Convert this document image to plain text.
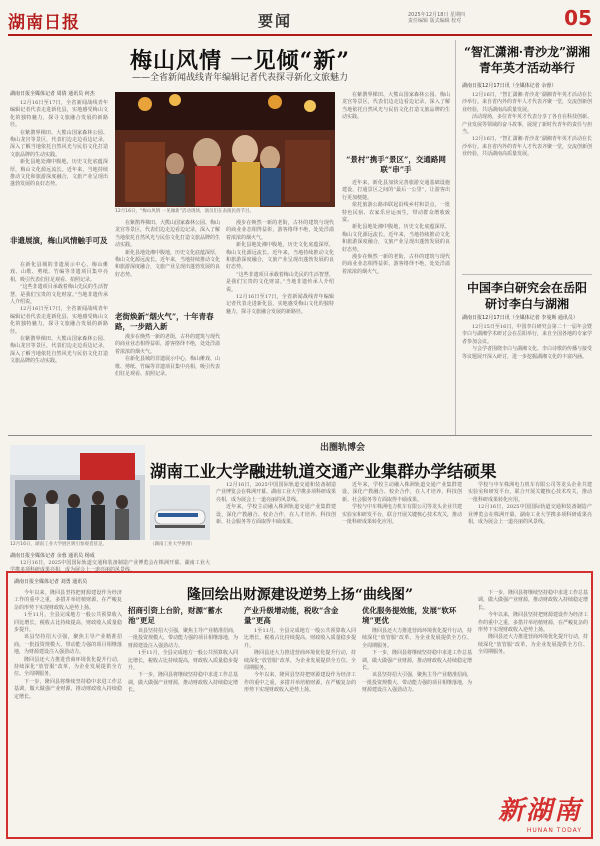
湖南日报	要闻	2025年12月18日 星期四
责任编辑 版式编辑 校对	05
梅山风情 一见倾“新”
——全省新闻战线青年编辑记者代表探寻新化文旅魅力
湖南日报全媒体记者 周倩 通讯员 何杰

12月16日至17日，全省新闻战线青年编辑记者代表走进新化县，实地感受梅山文化的独特魅力，探寻文旅融合发展的新路径。

在紫鹊界梯田、大熊山国家森林公园、梅山龙宫等景区，代表们边走边看边记录，深入了解当地依托自然风光与民俗文化打造文旅品牌的生动实践。

新化县地处湘中腹地，历史文化底蕴深厚，梅山文化源远流长。近年来，当地持续推动文化和旅游深度融合，文旅产业呈现出蓬勃发展的良好态势。

非遗展演，梅山风情触手可及

在新化县城的非遗展示中心，梅山傩戏、山歌、剪纸、竹编等非遗项目集中亮相，吸引代表们驻足观看、拍照记录。

“这些非遗项目承载着梅山先民的生活智慧，是我们宝贵的文化财富。”当地非遗传承人介绍说。

12月16日至17日，全省新闻战线青年编辑记者代表走进新化县，实地感受梅山文化的独特魅力，探寻文旅融合发展的新路径。

在紫鹊界梯田、大熊山国家森林公园、梅山龙宫等景区，代表们边走边看边记录，深入了解当地依托自然风光与民俗文化打造文旅品牌的生动实践。

12月16日，“梅山风情 一见倾新”活动现场，演员们在表演民俗节目。

在紫鹊界梯田、大熊山国家森林公园、梅山龙宫等景区，代表们边走边看边记录，深入了解当地依托自然风光与民俗文化打造文旅品牌的生动实践。

新化县地处湘中腹地，历史文化底蕴深厚，梅山文化源远流长。近年来，当地持续推动文化和旅游深度融合，文旅产业呈现出蓬勃发展的良好态势。

老街焕新“烟火气”，十年青春路，一步踏入新

漫步在焕然一新的老街，古朴的建筑与现代的商业业态相得益彰，游客络绎不绝，处处洋溢着浓浓的烟火气。

在新化县城的非遗展示中心，梅山傩戏、山歌、剪纸、竹编等非遗项目集中亮相，吸引代表们驻足观看、拍照记录。

漫步在焕然一新的老街，古朴的建筑与现代的商业业态相得益彰，游客络绎不绝，处处洋溢着浓浓的烟火气。

新化县地处湘中腹地，历史文化底蕴深厚，梅山文化源远流长。近年来，当地持续推动文化和旅游深度融合，文旅产业呈现出蓬勃发展的良好态势。

“这些非遗项目承载着梅山先民的生活智慧，是我们宝贵的文化财富。”当地非遗传承人介绍说。

12月16日至17日，全省新闻战线青年编辑记者代表走进新化县，实地感受梅山文化的独特魅力，探寻文旅融合发展的新路径。

在紫鹊界梯田、大熊山国家森林公园、梅山龙宫等景区，代表们边走边看边记录，深入了解当地依托自然风光与民俗文化打造文旅品牌的生动实践。

“景村”携手“景区”，交通路网联“串”手

近年来，新化县加快完善旅游交通基础设施建设，打通景区之间的“最后一公里”，让游客出行更加便捷。

依托旅游公路串联起沿线乡村和景点，一批特色民宿、农家乐应运而生，带动群众增收致富。

新化县地处湘中腹地，历史文化底蕴深厚，梅山文化源远流长。近年来，当地持续推动文化和旅游深度融合，文旅产业呈现出蓬勃发展的良好态势。

漫步在焕然一新的老街，古朴的建筑与现代的商业业态相得益彰，游客络绎不绝，处处洋溢着浓浓的烟火气。

“智汇潇湘·青沙龙”湖湘青年英才活动举行
湖南日报12月17日讯（全媒体记者 余蓉）

12月16日，“智汇潇湘·青沙龙”湖湘青年英才活动在长沙举行。来自省内外的青年人才代表齐聚一堂，交流创新创业经验，共话湖南高质量发展。

活动现场，多位青年英才代表分享了各自在科技创新、产业发展等领域的奋斗故事，展现了新时代青年的责任与担当。

12月16日，“智汇潇湘·青沙龙”湖湘青年英才活动在长沙举行。来自省内外的青年人才代表齐聚一堂，交流创新创业经验，共话湖南高质量发展。

中国李白研究会在岳阳研讨李白与湖湘
湖南日报12月17日讯（全媒体记者 李曼斯 通讯员）

12月15日至16日，中国李白研究会第二十一届年会暨李白与湖湘学术研讨会在岳阳举行，来自全国各地的专家学者参加会议。

与会学者围绕李白与湖湘文化、李白诗歌的传播与接受等议题展开深入研讨，进一步挖掘湖湘文化的丰富内涵。

出圈轨博会
湖南工业大学融进轨道交通产业集群办学结硕果
12月16日，湖南工业大学展区吸引参观者驻足。	（湖南工业大学供图）
湖南日报全媒体记者 余蓉 通讯员 杨成

12月16日，2025中国国际轨道交通和装备制造产业博览会在株洲开幕。湖南工业大学携多项科研成果亮相，成为展会上一道亮丽的风景线。

12月16日，2025中国国际轨道交通和装备制造产业博览会在株洲开幕。湖南工业大学携多项科研成果亮相，成为展会上一道亮丽的风景线。

近年来，学校主动融入株洲轨道交通产业集群建设，深化产教融合、校企合作，在人才培养、科技创新、社会服务等方面取得丰硕成果。

近年来，学校主动融入株洲轨道交通产业集群建设，深化产教融合、校企合作，在人才培养、科技创新、社会服务等方面取得丰硕成果。

学校与中车株洲电力机车有限公司等龙头企业共建实验室和研发平台，联合开展关键核心技术攻关，推动一批科研成果转化应用。

学校与中车株洲电力机车有限公司等龙头企业共建实验室和研发平台，联合开展关键核心技术攻关，推动一批科研成果转化应用。

12月16日，2025中国国际轨道交通和装备制造产业博览会在株洲开幕。湖南工业大学携多项科研成果亮相，成为展会上一道亮丽的风景线。

湖南日报全媒体记者 刘勇 通讯员
隆回绘出财源建设逆势上扬“曲线图”

今年以来，隆回县坚持把财源建设作为经济工作的重中之重，多措并举培植财源，在严峻复杂的形势下实现财政收入逆势上扬。

1至11月，全县完成地方一般公共预算收入同比增长，税收占比持续提高，财政收入质量稳步提升。

该县坚持招大引强，聚焦主导产业精准招商，一批投资规模大、带动能力强的项目相继落地，为财源建设注入强劲动力。

隆回县还大力推进营商环境优化提升行动，持续深化“放管服”改革，为企业发展提供全方位、全周期服务。

下一步，隆回县将继续坚持稳中求进工作总基调，做大做强产业财源，推动财政收入持续稳定增长。

招商引资上台阶，财源“蓄水池”更足

该县坚持招大引强，聚焦主导产业精准招商，一批投资规模大、带动能力强的项目相继落地，为财源建设注入强劲动力。

1至11月，全县完成地方一般公共预算收入同比增长，税收占比持续提高，财政收入质量稳步提升。

下一步，隆回县将继续坚持稳中求进工作总基调，做大做强产业财源，推动财政收入持续稳定增长。

产业升级增动能，税收“含金量”更高

1至11月，全县完成地方一般公共预算收入同比增长，税收占比持续提高，财政收入质量稳步提升。

隆回县还大力推进营商环境优化提升行动，持续深化“放管服”改革，为企业发展提供全方位、全周期服务。

今年以来，隆回县坚持把财源建设作为经济工作的重中之重，多措并举培植财源，在严峻复杂的形势下实现财政收入逆势上扬。

优化服务提效能，发展“软环境”更优

隆回县还大力推进营商环境优化提升行动，持续深化“放管服”改革，为企业发展提供全方位、全周期服务。

下一步，隆回县将继续坚持稳中求进工作总基调，做大做强产业财源，推动财政收入持续稳定增长。

该县坚持招大引强，聚焦主导产业精准招商，一批投资规模大、带动能力强的项目相继落地，为财源建设注入强劲动力。

下一步，隆回县将继续坚持稳中求进工作总基调，做大做强产业财源，推动财政收入持续稳定增长。

今年以来，隆回县坚持把财源建设作为经济工作的重中之重，多措并举培植财源，在严峻复杂的形势下实现财政收入逆势上扬。

隆回县还大力推进营商环境优化提升行动，持续深化“放管服”改革，为企业发展提供全方位、全周期服务。

新湖南
HUNAN TODAY
